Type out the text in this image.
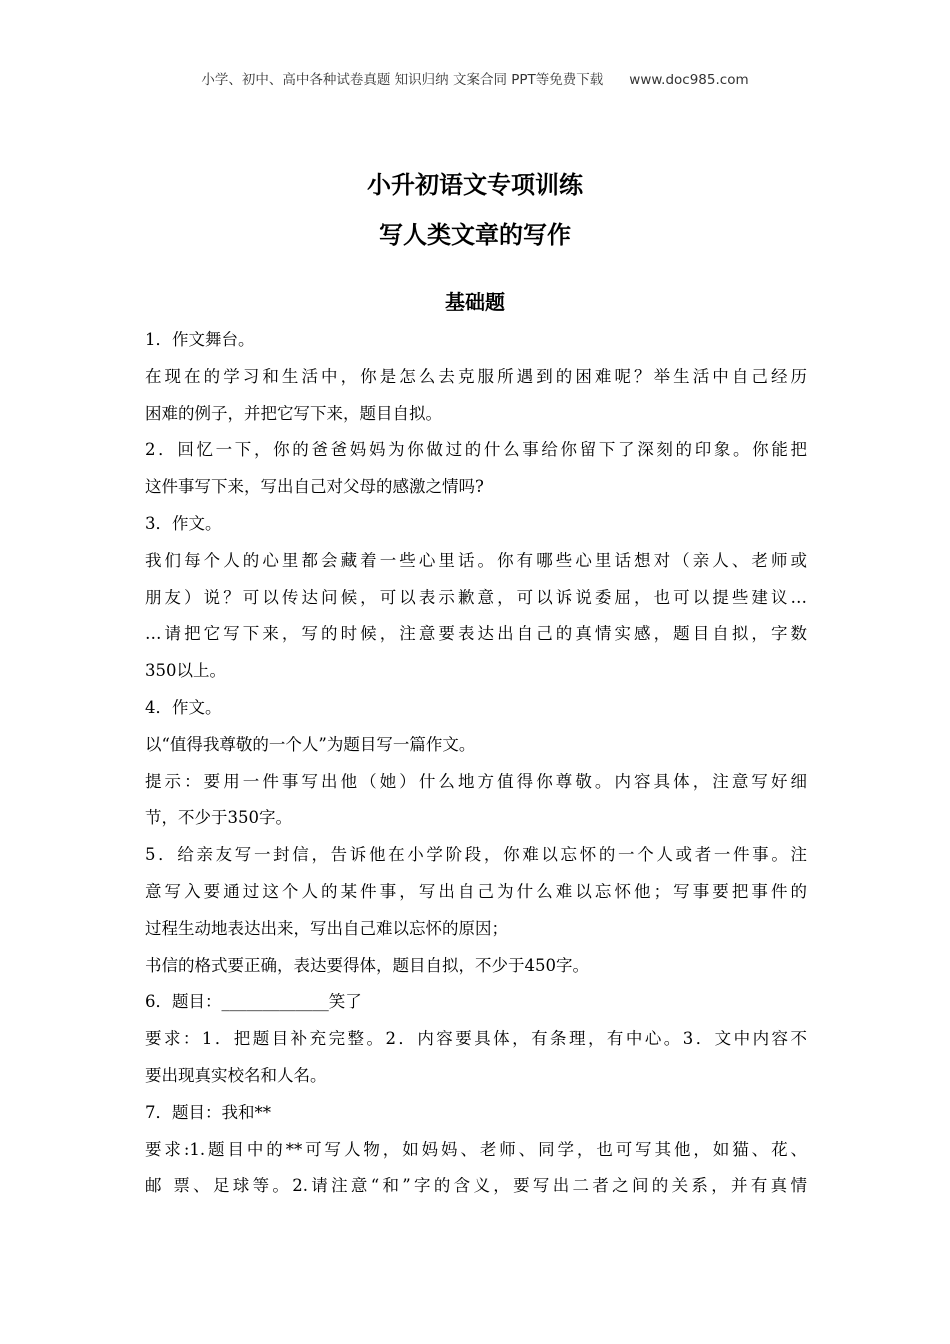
小学、初中、高中各种试卷真题 知识归纳 文案合同 PPT等免费下载 www.doc985.com
小升初语文专项训练
写人类文章的写作
基础题
1．作文舞台。
在现在的学习和生活中，你是怎么去克服所遇到的困难呢？举生活中自己经历
困难的例子，并把它写下来，题目自拟。
2．回忆一下，你的爸爸妈妈为你做过的什么事给你留下了深刻的印象。你能把
这件事写下来，写出自己对父母的感激之情吗?
3．作文。
我们每个人的心里都会藏着一些心里话。你有哪些心里话想对（亲人、老师或
朋友）说？可以传达问候，可以表示歉意，可以诉说委屈，也可以提些建议…
…请把它写下来，写的时候，注意要表达出自己的真情实感，题目自拟，字数
350以上。
4．作文。
以“值得我尊敬的一个人”为题目写一篇作文。
提示：要用一件事写出他（她）什么地方值得你尊敬。内容具体，注意写好细
节，不少于350字。
5．给亲友写一封信，告诉他在小学阶段，你难以忘怀的一个人或者一件事。注
意写入要通过这个人的某件事，写出自己为什么难以忘怀他；写事要把事件的
过程生动地表达出来，写出自己难以忘怀的原因；
书信的格式要正确，表达要得体，题目自拟，不少于450字。
6．题目：_____________笑了
要求：1．把题目补充完整。2．内容要具体，有条理，有中心。3．文中内容不
要出现真实校名和人名。
7．题目：我和**
要求:1.题目中的**可写人物，如妈妈、老师、同学，也可写其他，如猫、花、
邮 票、足球等。2.请注意“和”字的含义，要写出二者之间的关系，并有真情
